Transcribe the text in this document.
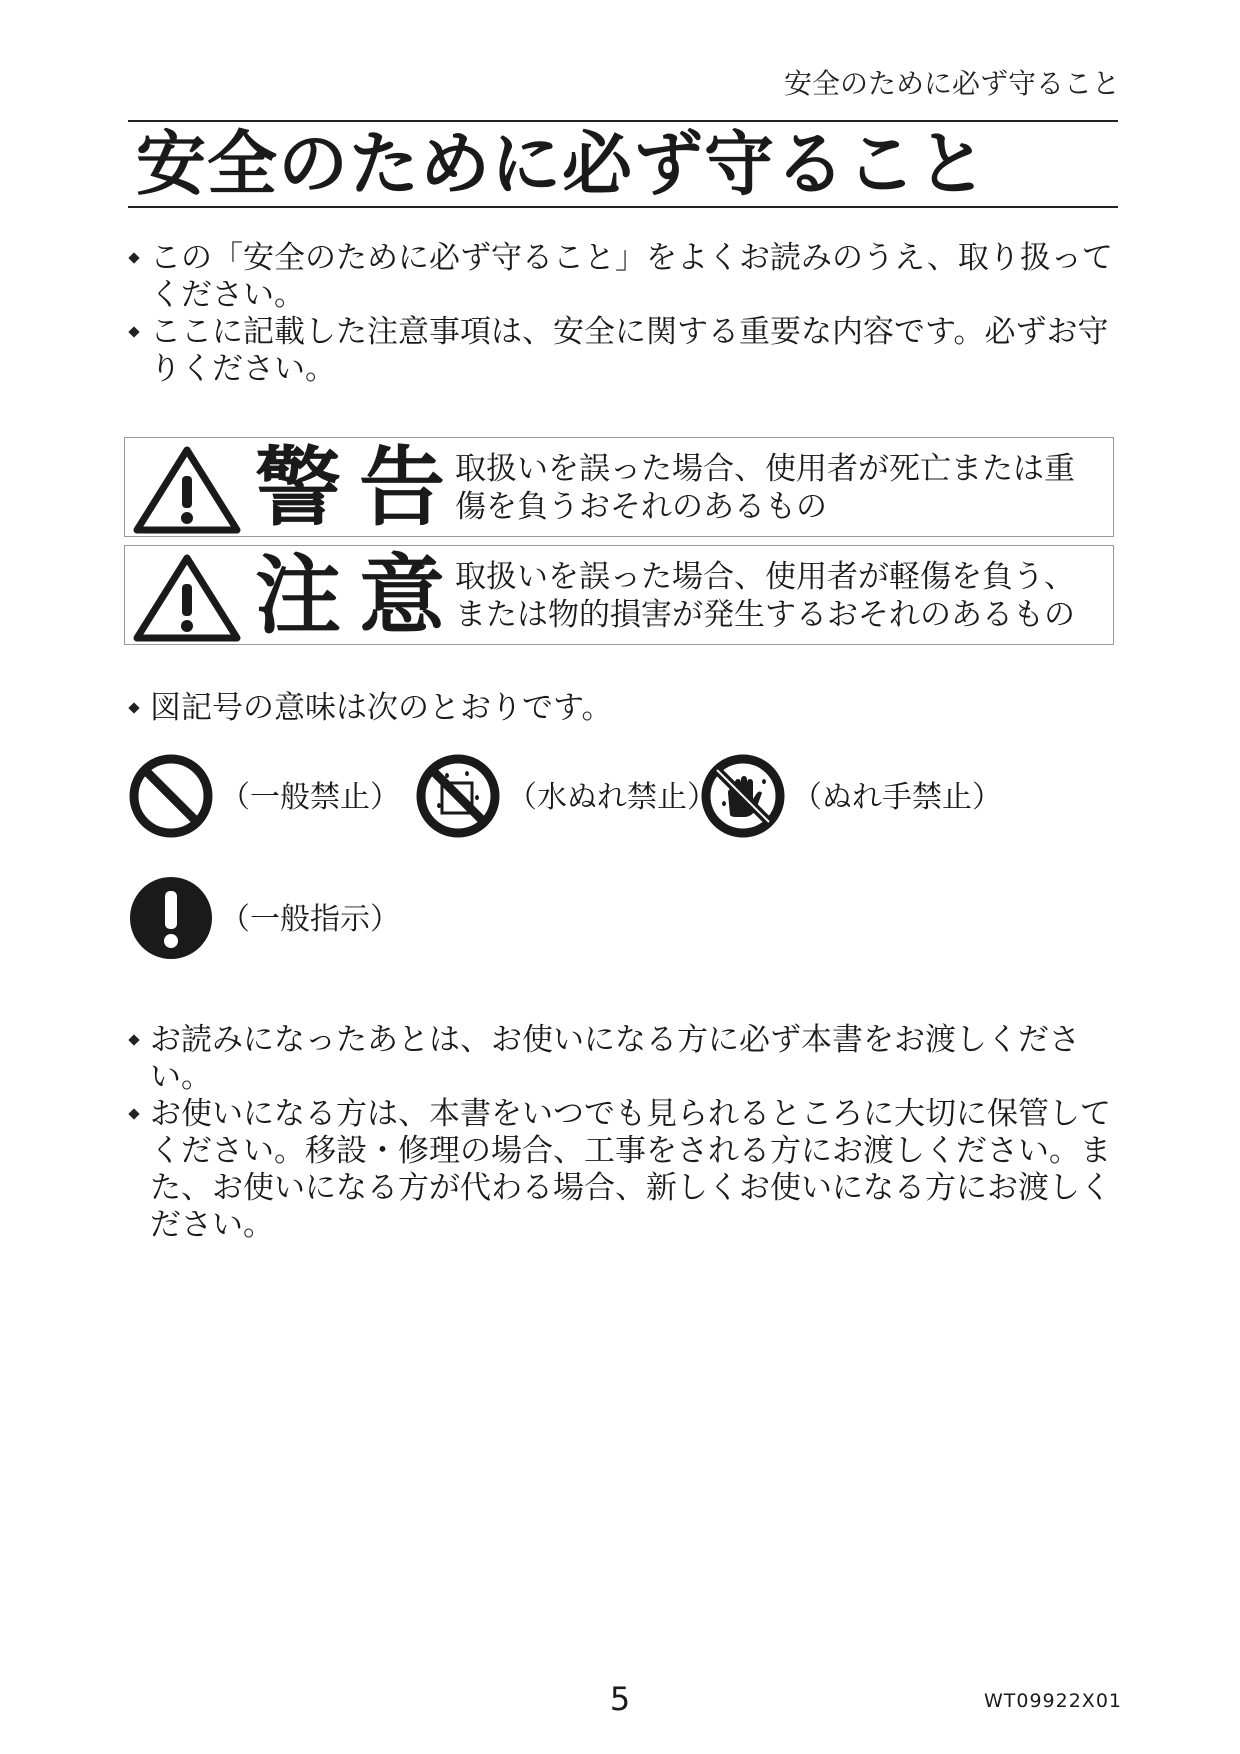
安全のために必ず守ること
安全のために必ず守ること
この「安全のために必ず守ること」をよくお読みのうえ、取り扱ってください。
ここに記載した注意事項は、安全に関する重要な内容です。必ずお守りください。
警告
取扱いを誤った場合、使用者が死亡または重傷を負うおそれのあるもの
注意
取扱いを誤った場合、使用者が軽傷を負う、または物的損害が発生するおそれのあるもの
図記号の意味は次のとおりです。
（一般禁止）	（水ぬれ禁止）	（ぬれ手禁止）
（一般指示）
お読みになったあとは、お使いになる方に必ず本書をお渡しください。
お使いになる方は、本書をいつでも見られるところに大切に保管してください。移設・修理の場合、工事をされる方にお渡しください。また、お使いになる方が代わる場合、新しくお使いになる方にお渡しください。
5	WT09922X01
